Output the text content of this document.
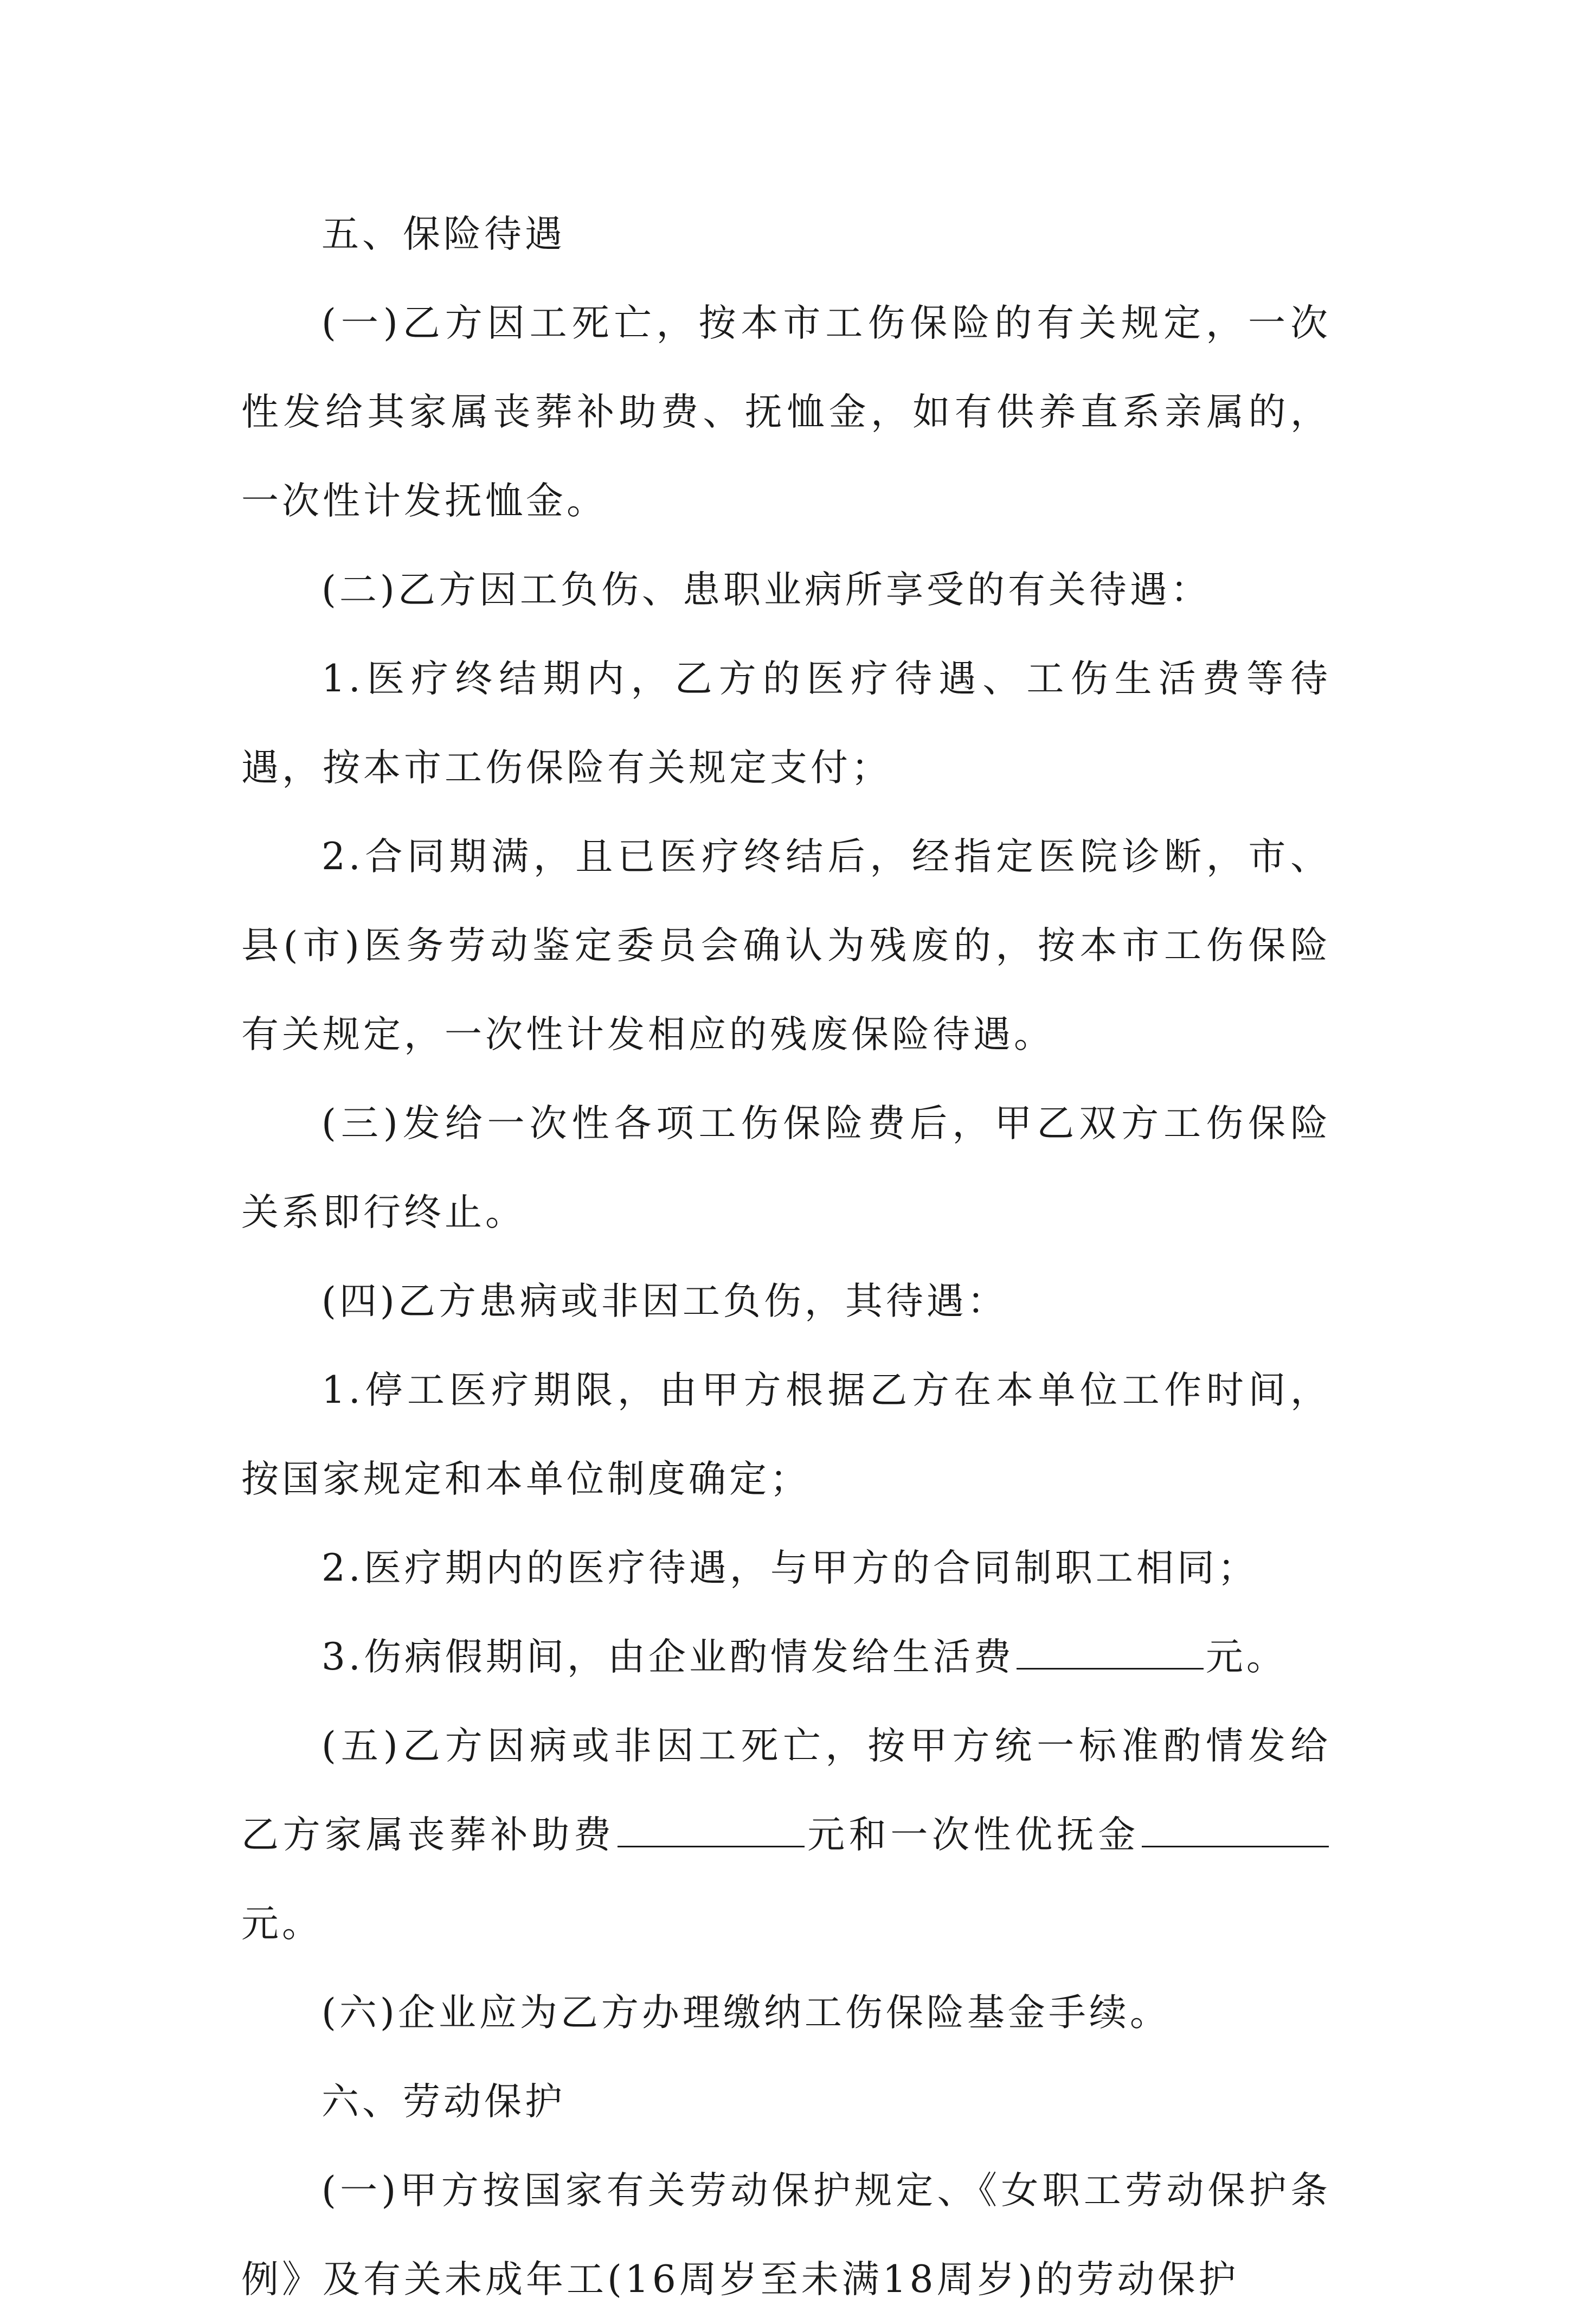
五、保险待遇

(一)乙方因工死亡，按本市工伤保险的有关规定，一次性发给其家属丧葬补助费、抚恤金，如有供养直系亲属的，一次性计发抚恤金。

(二)乙方因工负伤、患职业病所享受的有关待遇：

1.医疗终结期内，乙方的医疗待遇、工伤生活费等待遇，按本市工伤保险有关规定支付；

2.合同期满，且已医疗终结后，经指定医院诊断，市、县(市)医务劳动鉴定委员会确认为残废的，按本市工伤保险有关规定，一次性计发相应的残废保险待遇。

(三)发给一次性各项工伤保险费后，甲乙双方工伤保险关系即行终止。

(四)乙方患病或非因工负伤，其待遇：

1.停工医疗期限，由甲方根据乙方在本单位工作时间，按国家规定和本单位制度确定；

2.医疗期内的医疗待遇，与甲方的合同制职工相同；

3.伤病假期间，由企业酌情发给生活费	元。

(五)乙方因病或非因工死亡，按甲方统一标准酌情发给乙方家属丧葬补助费	元和一次性优抚金元。

(六)企业应为乙方办理缴纳工伤保险基金手续。

六、劳动保护

(一)甲方按国家有关劳动保护规定、《女职工劳动保护条例》及有关未成年工(16周岁至未满18周岁)的劳动保护
